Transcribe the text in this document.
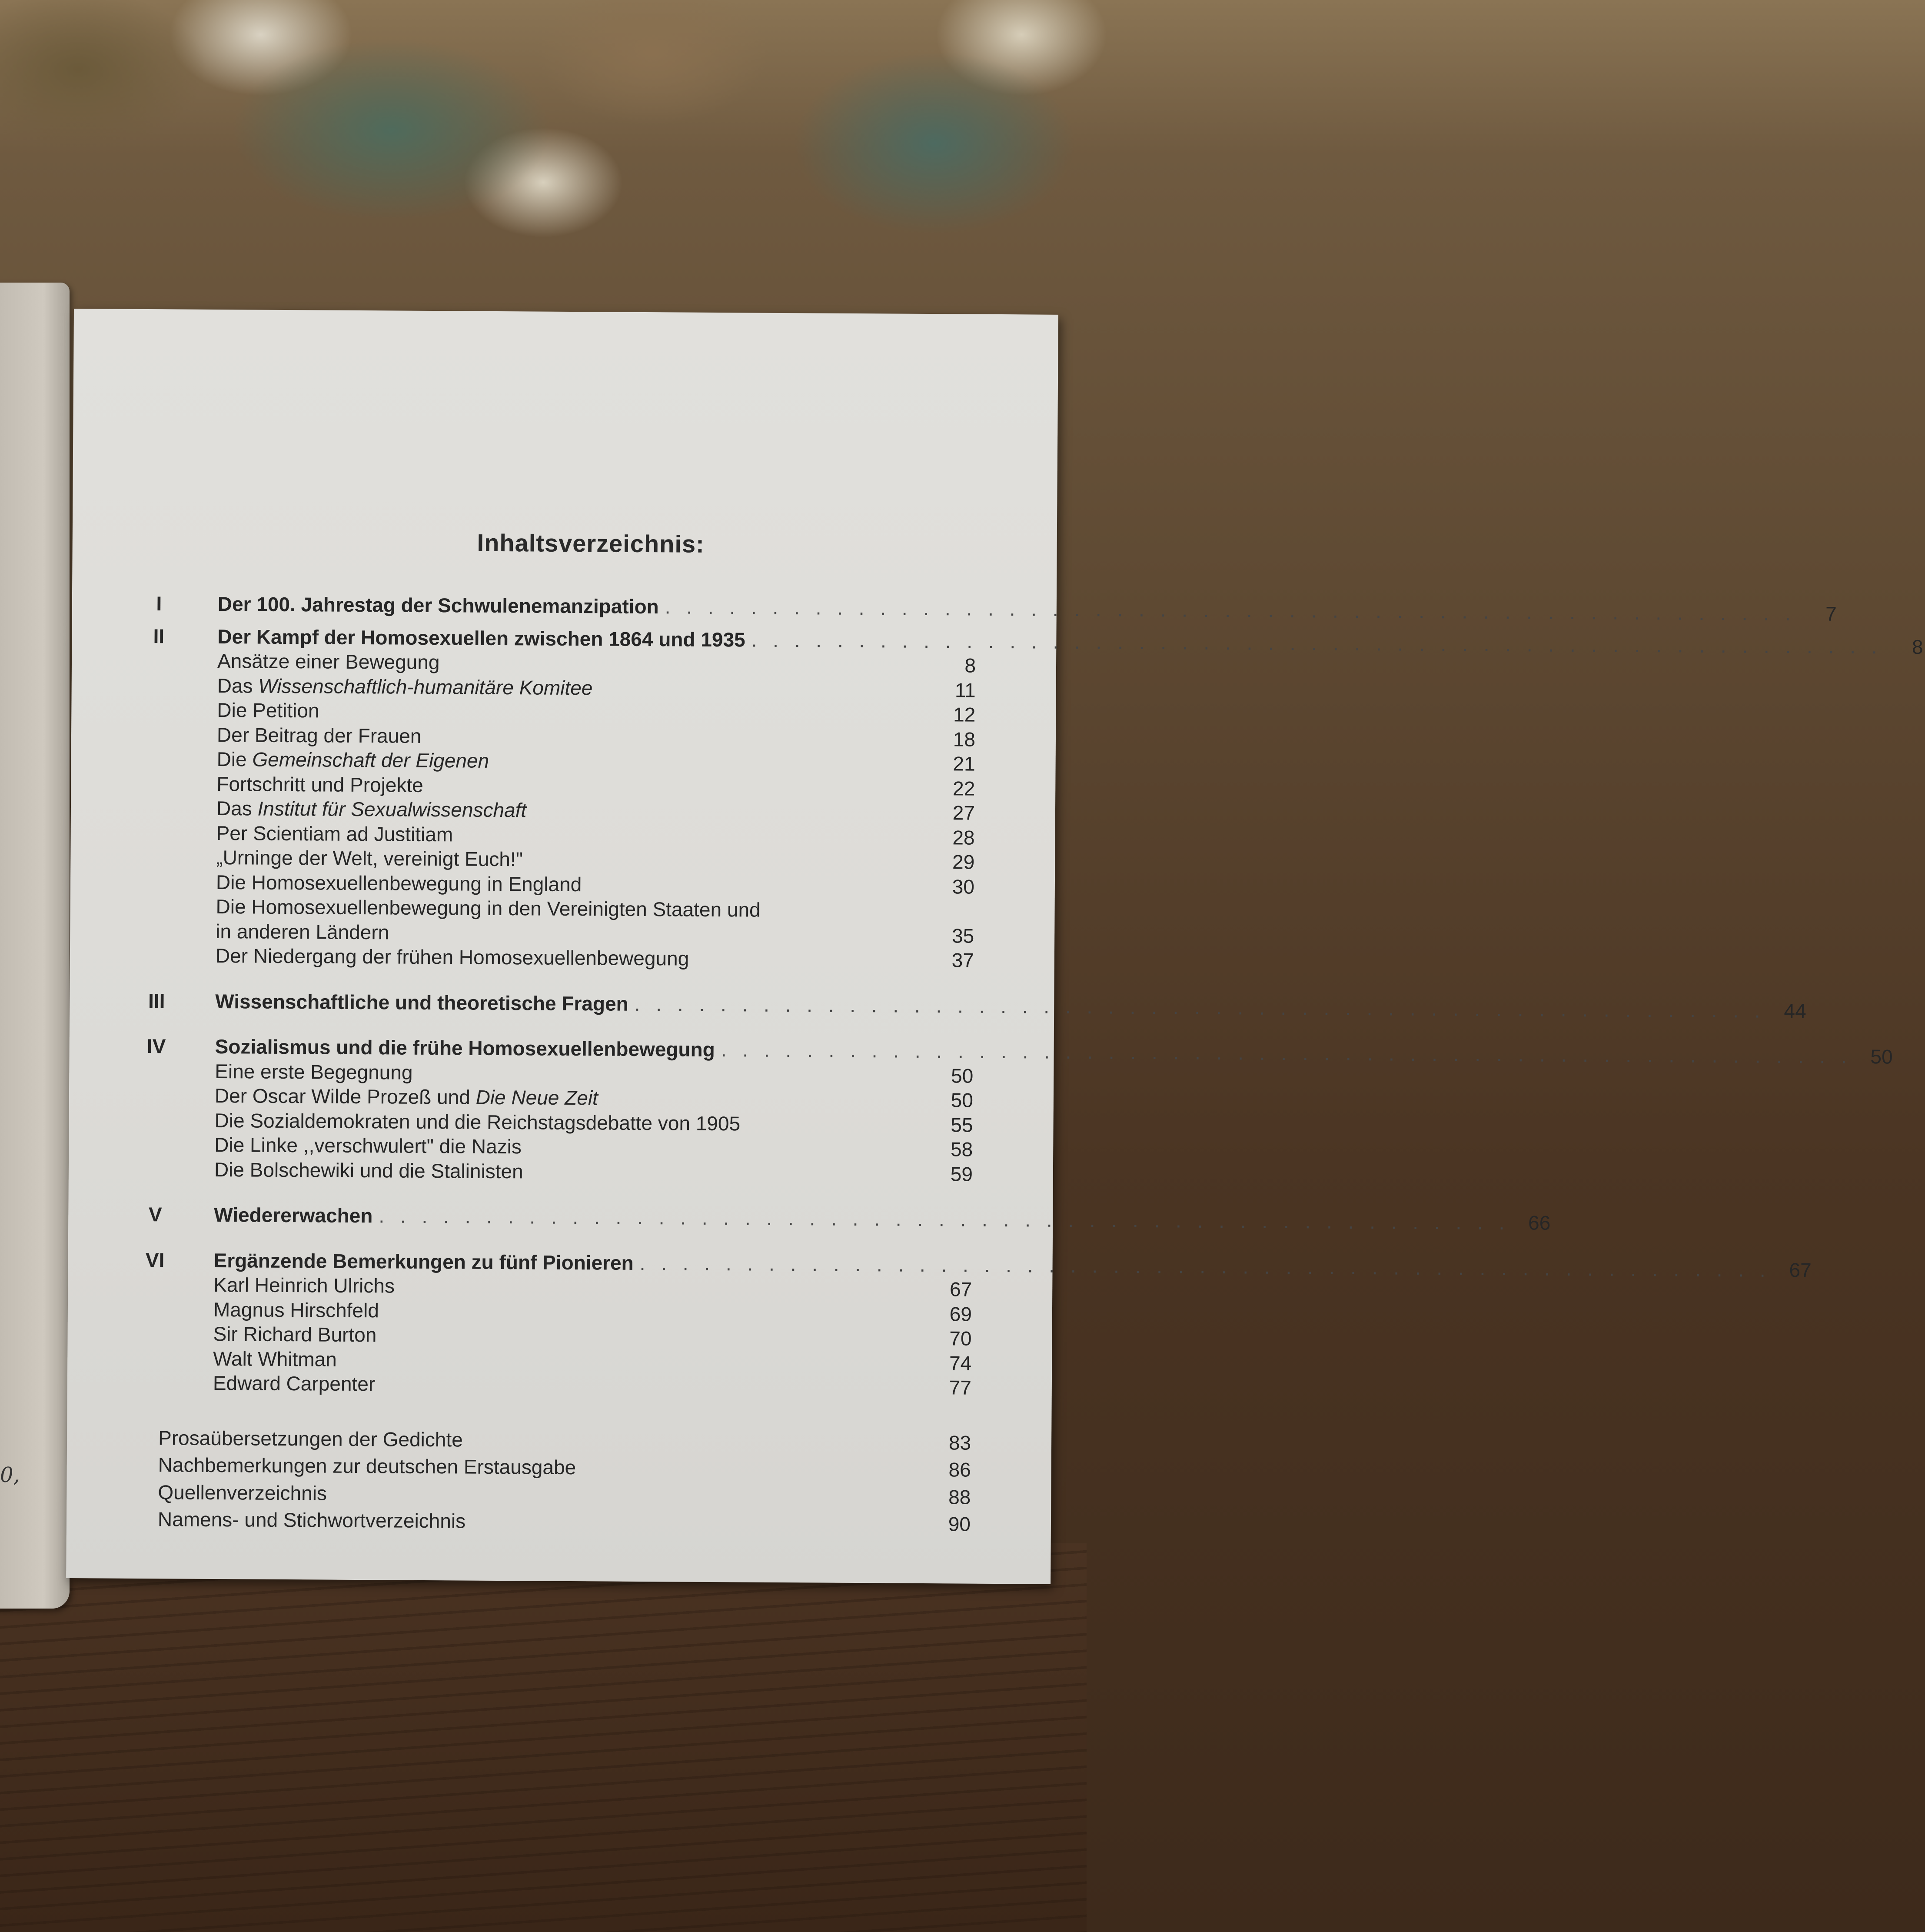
0,
Inhaltsverzeichnis:
I	Der 100. Jahrestag der Schwulenemanzipation . . . . . . . . . . . . . . . . . . . . . . . . . . . . . . . . . . . . . . . . . . . . . . . . . . . . .	7
II	Der Kampf der Homosexuellen zwischen 1864 und 1935 . . . . . . . . . . . . . . . . . . . . . . . . . . . . . . . . . . . . . . . . . . . . . . . . . . . . .	8
Ansätze einer Bewegung	8
Das Wissenschaftlich-humanitäre Komitee	11
Die Petition	12
Der Beitrag der Frauen	18
Die Gemeinschaft der Eigenen	21
Fortschritt und Projekte	22
Das Institut für Sexualwissenschaft	27
Per Scientiam ad Justitiam	28
„Urninge der Welt, vereinigt Euch!"	29
Die Homosexuellenbewegung in England	30
Die Homosexuellenbewegung in den Vereinigten Staaten und
in anderen Ländern	35
Der Niedergang der frühen Homosexuellenbewegung	37
III	Wissenschaftliche und theoretische Fragen . . . . . . . . . . . . . . . . . . . . . . . . . . . . . . . . . . . . . . . . . . . . . . . . . . . . . 44
IV	Sozialismus und die frühe Homosexuellenbewegung . . . . . . . . . . . . . . . . . . . . . . . . . . . . . . . . . . . . . . . . . . . . . . . . . . . . . 50
Eine erste Begegnung	50
Der Oscar Wilde Prozeß und Die Neue Zeit	50
Die Sozialdemokraten und die Reichstagsdebatte von 1905	55
Die Linke ,,verschwulert" die Nazis	58
Die Bolschewiki und die Stalinisten	59
V	Wiedererwachen . . . . . . . . . . . . . . . . . . . . . . . . . . . . . . . . . . . . . . . . . . . . . . . . . . . . . 66
VI	Ergänzende Bemerkungen zu fünf Pionieren . . . . . . . . . . . . . . . . . . . . . . . . . . . . . . . . . . . . . . . . . . . . . . . . . . . . . 67
Karl Heinrich Ulrichs	67
Magnus Hirschfeld	69
Sir Richard Burton	70
Walt Whitman	74
Edward Carpenter	77
Prosaübersetzungen der Gedichte	83
Nachbemerkungen zur deutschen Erstausgabe	86
Quellenverzeichnis	88
Namens- und Stichwortverzeichnis	90
